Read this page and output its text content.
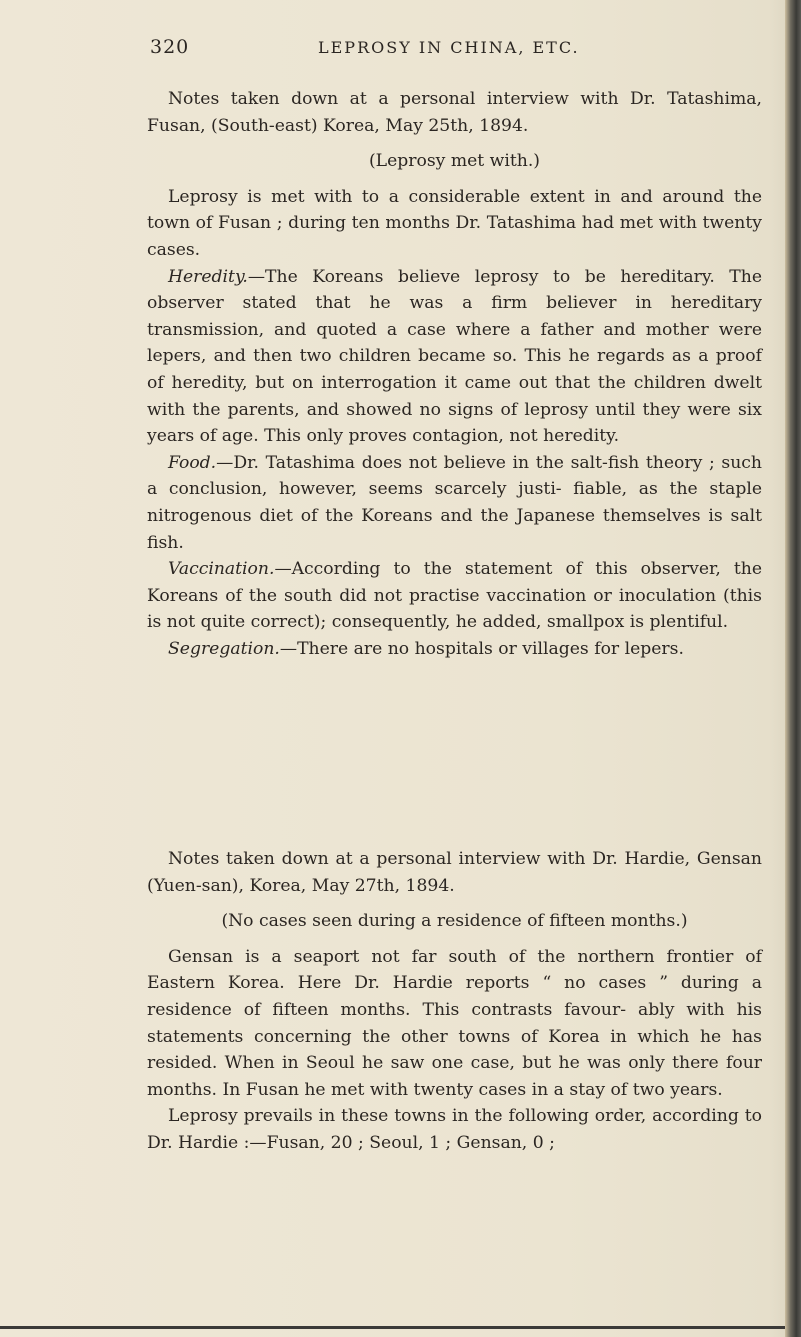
320	LEPROSY IN CHINA, ETC.

Notes taken down at a personal interview with Dr. Tatashima, Fusan, (South-east) Korea, May 25th, 1894.

(Leprosy met with.)

Leprosy is met with to a considerable extent in and around the town of Fusan ; during ten months Dr. Tatashima had met with twenty cases.

Heredity.—The Koreans believe leprosy to be hereditary. The observer stated that he was a firm believer in hereditary transmission, and quoted a case where a father and mother were lepers, and then two children became so. This he regards as a proof of heredity, but on interrogation it came out that the children dwelt with the parents, and showed no signs of leprosy until they were six years of age. This only proves contagion, not heredity.

Food.—Dr. Tatashima does not believe in the salt-fish theory ; such a conclusion, however, seems scarcely justi- fiable, as the staple nitrogenous diet of the Koreans and the Japanese themselves is salt fish.

Vaccination.—According to the statement of this observer, the Koreans of the south did not practise vaccination or inoculation (this is not quite correct); consequently, he added, smallpox is plentiful.

Segregation.—There are no hospitals or villages for lepers.

Notes taken down at a personal interview with Dr. Hardie, Gensan (Yuen-san), Korea, May 27th, 1894.

(No cases seen during a residence of fifteen months.)

Gensan is a seaport not far south of the northern frontier of Eastern Korea. Here Dr. Hardie reports “ no cases ” during a residence of fifteen months. This contrasts favour- ably with his statements concerning the other towns of Korea in which he has resided. When in Seoul he saw one case, but he was only there four months. In Fusan he met with twenty cases in a stay of two years.

Leprosy prevails in these towns in the following order, according to Dr. Hardie :—Fusan, 20 ; Seoul, 1 ; Gensan, 0 ;
